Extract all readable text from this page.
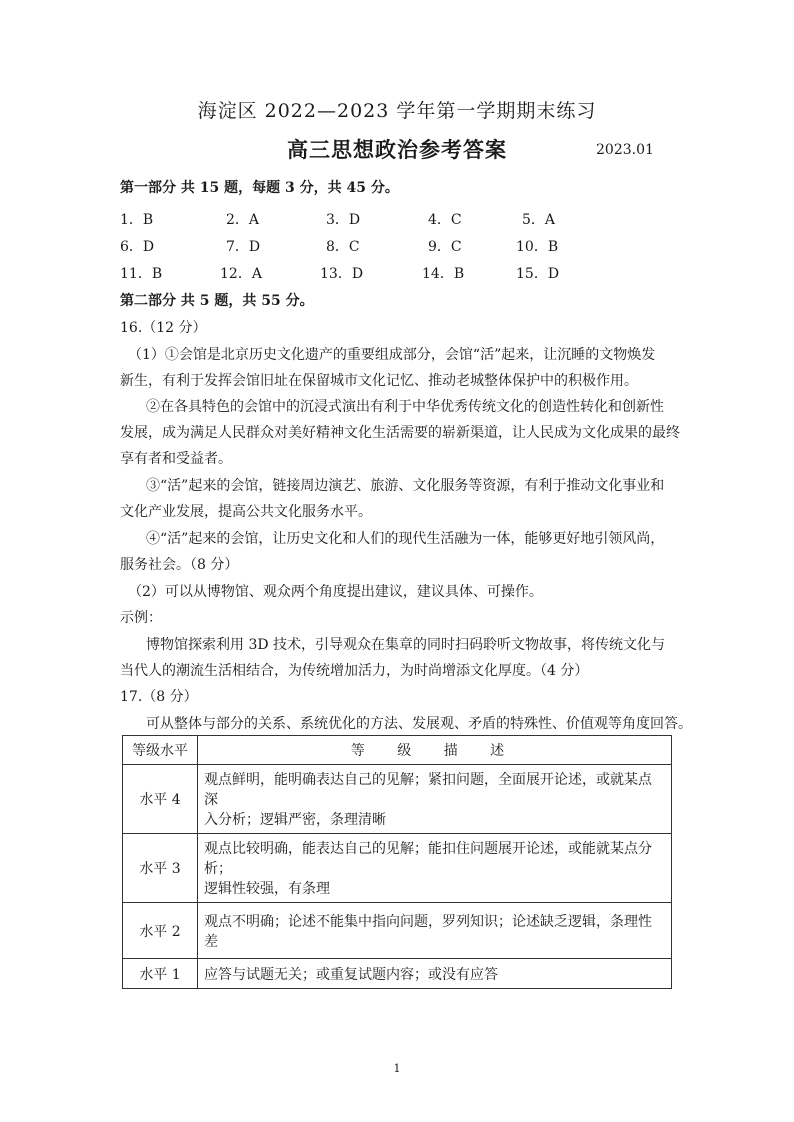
海淀区 2022—2023 学年第一学期期末练习
高三思想政治参考答案	2023.01
第一部分 共 15 题，每题 3 分，共 45 分。
1．B	2．A	3．D	4．C	5．A
6．D	7．D	8．C	9．C	10．B
11．B	12．A	13．D	14．B	15．D
第二部分 共 5 题，共 55 分。
16.（12 分）
（1）①会馆是北京历史文化遗产的重要组成部分，会馆“活”起来，让沉睡的文物焕发
新生，有利于发挥会馆旧址在保留城市文化记忆、推动老城整体保护中的积极作用。
②在各具特色的会馆中的沉浸式演出有利于中华优秀传统文化的创造性转化和创新性
发展，成为满足人民群众对美好精神文化生活需要的崭新渠道，让人民成为文化成果的最终
享有者和受益者。
③“活”起来的会馆，链接周边演艺、旅游、文化服务等资源，有利于推动文化事业和
文化产业发展，提高公共文化服务水平。
④“活”起来的会馆，让历史文化和人们的现代生活融为一体，能够更好地引领风尚，
服务社会。（8 分）
（2）可以从博物馆、观众两个角度提出建议，建议具体、可操作。
示例：
博物馆探索利用 3D 技术，引导观众在集章的同时扫码聆听文物故事，将传统文化与
当代人的潮流生活相结合，为传统增加活力，为时尚增添文化厚度。（4 分）
17.（8 分）
可从整体与部分的关系、系统优化的方法、发展观、矛盾的特殊性、价值观等角度回答。
等级水平	等 级 描 述
水平 4	观点鲜明，能明确表达自己的见解；紧扣问题，全面展开论述，或就某点深
入分析；逻辑严密，条理清晰

水平 3	观点比较明确，能表达自己的见解；能扣住问题展开论述，或能就某点分析；
逻辑性较强，有条理

水平 2	观点不明确；论述不能集中指向问题，罗列知识；论述缺乏逻辑，条理性差

水平 1	应答与试题无关；或重复试题内容；或没有应答
1
